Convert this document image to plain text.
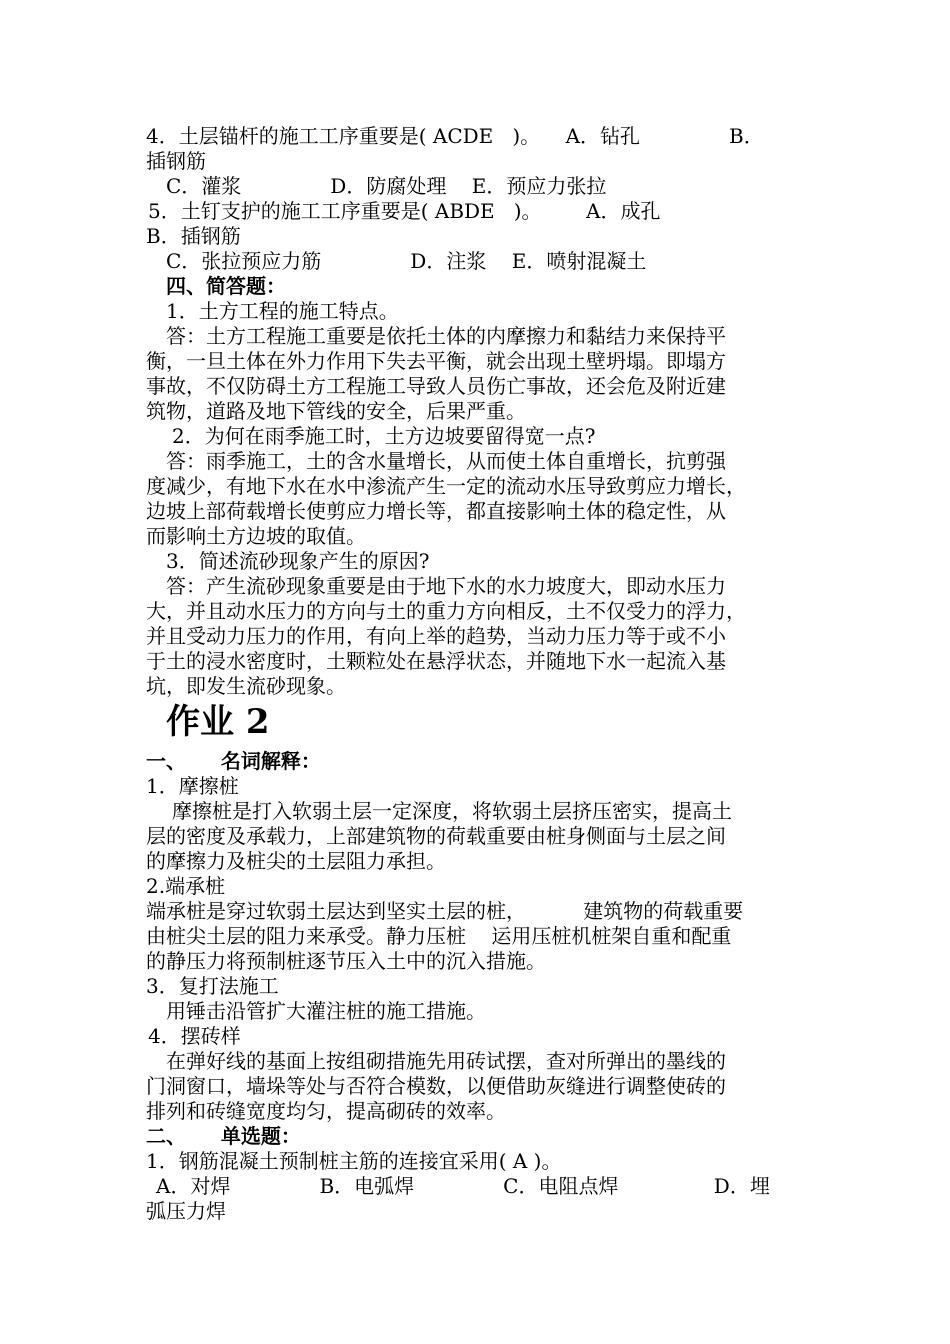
4．土层锚杆的施工工序重要是( ACDE   )。    A．钻孔              B．
插钢筋
C．灌浆              D．防腐处理    E．预应力张拉
5．土钉支护的施工工序重要是( ABDE   )。       A．成孔
B．插钢筋
C．张拉预应力筋              D．注浆    E．喷射混凝土
四、简答题：
1．土方工程的施工特点。
答：土方工程施工重要是依托土体的内摩擦力和黏结力来保持平
衡，一旦土体在外力作用下失去平衡，就会出现土壁坍塌。即塌方
事故，不仅防碍土方工程施工导致人员伤亡事故，还会危及附近建
筑物，道路及地下管线的安全，后果严重。
2．为何在雨季施工时，土方边坡要留得宽一点?
答：雨季施工，土的含水量增长，从而使土体自重增长，抗剪强
度减少，有地下水在水中渗流产生一定的流动水压导致剪应力增长，
边坡上部荷载增长使剪应力增长等，都直接影响土体的稳定性，从
而影响土方边坡的取值。
3．简述流砂现象产生的原因?
答：产生流砂现象重要是由于地下水的水力坡度大，即动水压力
大，并且动水压力的方向与土的重力方向相反，土不仅受力的浮力，
并且受动力压力的作用，有向上举的趋势，当动力压力等于或不小
于土的浸水密度时，土颗粒处在悬浮状态，并随地下水一起流入基
坑，即发生流砂现象。
作业 2
一、     名词解释：
1．摩擦桩
摩擦桩是打入软弱土层一定深度，将软弱土层挤压密实，提高土
层的密度及承载力，上部建筑物的荷载重要由桩身侧面与土层之间
的摩擦力及桩尖的土层阻力承担。
2.端承桩
端承桩是穿过软弱土层达到坚实土层的桩，         建筑物的荷载重要
由桩尖土层的阻力来承受。静力压桩    运用压桩机桩架自重和配重
的静压力将预制桩逐节压入土中的沉入措施。
3．复打法施工
用锤击沿管扩大灌注桩的施工措施。
4．摆砖样
在弹好线的基面上按组砌措施先用砖试摆，查对所弹出的墨线的
门洞窗口，墙垛等处与否符合模数，以便借助灰缝进行调整使砖的
排列和砖缝宽度均匀，提高砌砖的效率。
二、     单选题：
1．钢筋混凝土预制桩主筋的连接宜采用( A )。
A．对焊              B．电弧焊              C．电阻点焊               D．埋
弧压力焊
